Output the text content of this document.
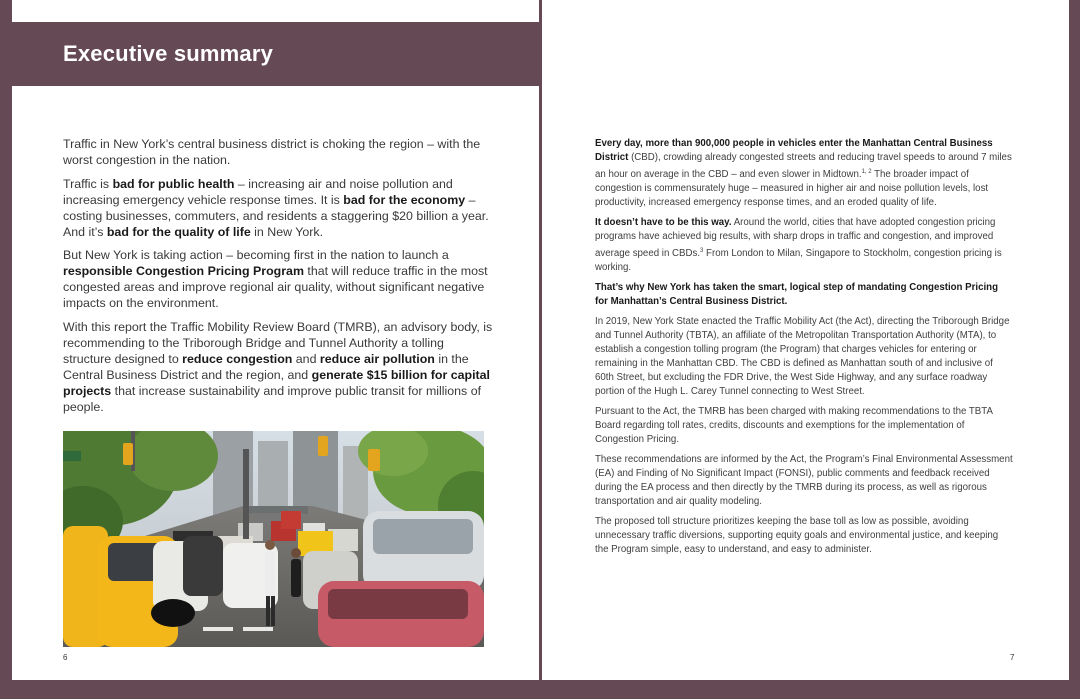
Executive summary

Traffic in New York’s central business district is choking the region – with the worst congestion in the nation.

Traffic is bad for public health – increasing air and noise pollution and increasing emergency vehicle response times. It is bad for the economy – costing businesses, commuters, and residents a staggering $20 billion a year. And it’s bad for the quality of life in New York.

But New York is taking action – becoming first in the nation to launch a responsible Congestion Pricing Program that will reduce traffic in the most congested areas and improve regional air quality, without significant negative impacts on the environment.

With this report the Traffic Mobility Review Board (TMRB), an advisory body, is recommending to the Triborough Bridge and Tunnel Authority a tolling structure designed to reduce congestion and reduce air pollution in the Central Business District and the region, and generate $15 billion for capital projects that increase sustainability and improve public transit for millions of people.

6

Every day, more than 900,000 people in vehicles enter the Manhattan Central Business District (CBD), crowding already congested streets and reducing travel speeds to around 7 miles an hour on average in the CBD – and even slower in Midtown.$^{1, 2}$ The broader impact of congestion is commensurately huge – measured in higher air and noise pollution levels, lost productivity, increased emergency response times, and an eroded quality of life.

It doesn’t have to be this way. Around the world, cities that have adopted congestion pricing programs have achieved big results, with sharp drops in traffic and congestion, and improved average speed in CBDs.$^3$ From London to Milan, Singapore to Stockholm, congestion pricing is working.

That’s why New York has taken the smart, logical step of mandating Congestion Pricing for Manhattan’s Central Business District.

In 2019, New York State enacted the Traffic Mobility Act (the Act), directing the Triborough Bridge and Tunnel Authority (TBTA), an affiliate of the Metropolitan Transportation Authority (MTA), to establish a congestion tolling program (the Program) that charges vehicles for entering or remaining in the Manhattan CBD. The CBD is defined as Manhattan south of and inclusive of 60th Street, but excluding the FDR Drive, the West Side Highway, and any surface roadway portion of the Hugh L. Carey Tunnel connecting to West Street.

Pursuant to the Act, the TMRB has been charged with making recommendations to the TBTA Board regarding toll rates, credits, discounts and exemptions for the implementation of Congestion Pricing.

These recommendations are informed by the Act, the Program’s Final Environmental Assessment (EA) and Finding of No Significant Impact (FONSI), public comments and feedback received during the EA process and then directly by the TMRB during its process, as well as rigorous transportation and air quality modeling.

The proposed toll structure prioritizes keeping the base toll as low as possible, avoiding unnecessary traffic diversions, supporting equity goals and environmental justice, and keeping the Program simple, easy to understand, and easy to administer.

7
